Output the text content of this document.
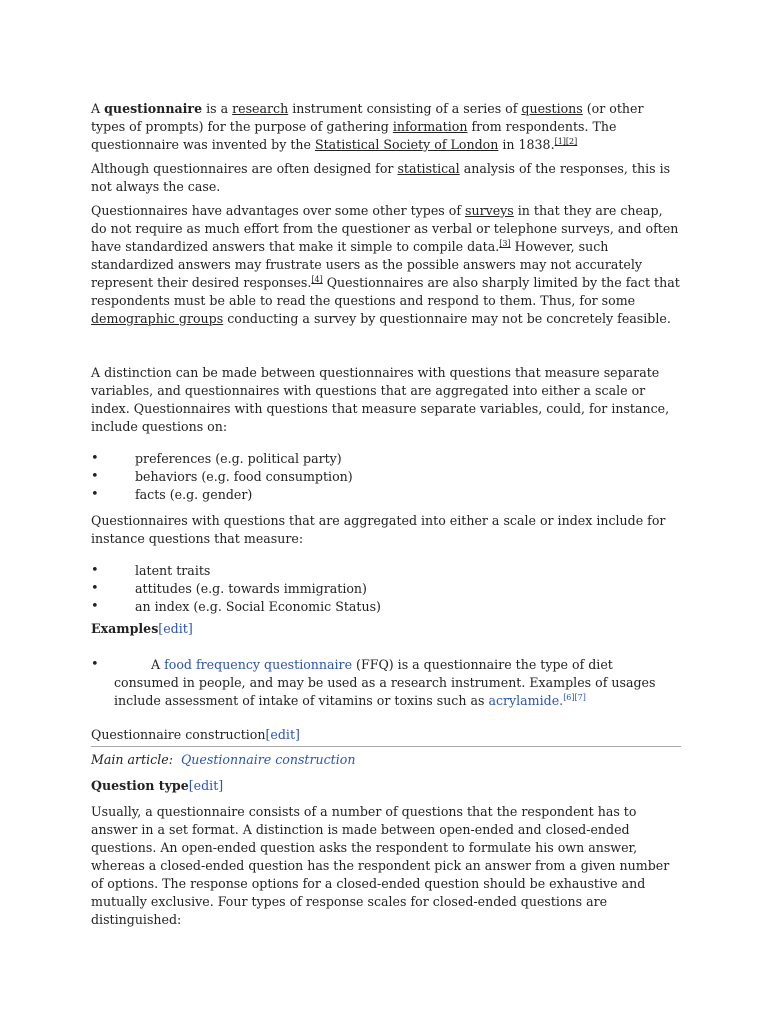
A questionnaire is a research instrument consisting of a series of questions (or other types of prompts) for the purpose of gathering information from respondents. The questionnaire was invented by the Statistical Society of London in 1838.[1][2]

Although questionnaires are often designed for statistical analysis of the responses, this is not always the case.

Questionnaires have advantages over some other types of surveys in that they are cheap, do not require as much effort from the questioner as verbal or telephone surveys, and often have standardized answers that make it simple to compile data.[3] However, such standardized answers may frustrate users as the possible answers may not accurately represent their desired responses.[4] Questionnaires are also sharply limited by the fact that respondents must be able to read the questions and respond to them. Thus, for some demographic groups conducting a survey by questionnaire may not be concretely feasible.

A distinction can be made between questionnaires with questions that measure separate variables, and questionnaires with questions that are aggregated into either a scale or index. Questionnaires with questions that measure separate variables, could, for instance, include questions on:

•	preferences (e.g. political party)
•	behaviors (e.g. food consumption)
•	facts (e.g. gender)

Questionnaires with questions that are aggregated into either a scale or index include for instance questions that measure:

•	latent traits
•	attitudes (e.g. towards immigration)
•	an index (e.g. Social Economic Status)
Examples[edit]
•	A food frequency questionnaire (FFQ) is a questionnaire the type of diet consumed in people, and may be used as a research instrument. Examples of usages include assessment of intake of vitamins or toxins such as acrylamide.[6][7]
Questionnaire construction[edit]
Main article: Questionnaire construction
Question type[edit]

Usually, a questionnaire consists of a number of questions that the respondent has to answer in a set format. A distinction is made between open-ended and closed-ended questions. An open-ended question asks the respondent to formulate his own answer, whereas a closed-ended question has the respondent pick an answer from a given number of options. The response options for a closed-ended question should be exhaustive and mutually exclusive. Four types of response scales for closed-ended questions are distinguished:
